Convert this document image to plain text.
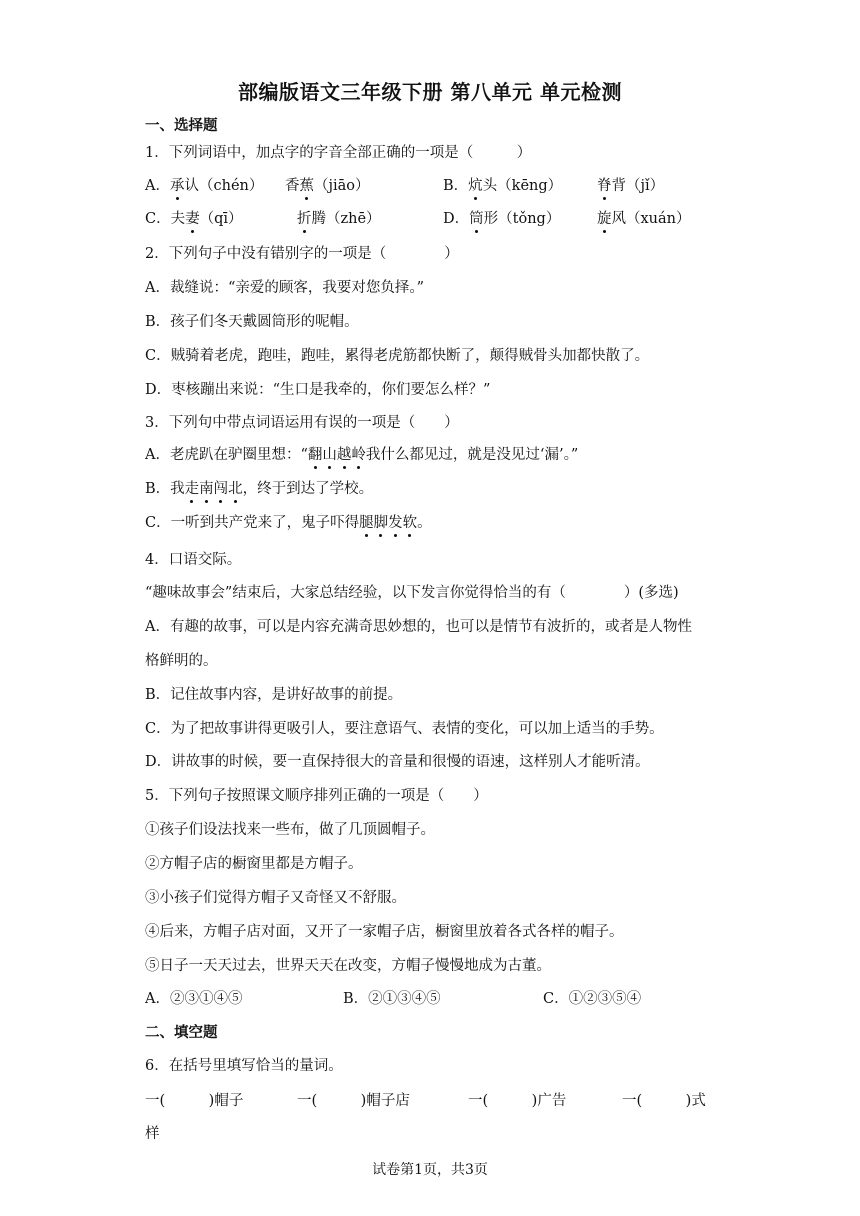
部编版语文三年级下册 第八单元 单元检测
一、选择题
1．下列词语中，加点字的字音全部正确的一项是（　　　）
A．承认（chén） 香蕉（jiāo）	B．炕头（kēng） 脊背（jǐ）
C．夫妻（qī）	折腾（zhē）	D．筒形（tǒng）	旋风（xuán）
2．下列句子中没有错别字的一项是（　　　　）
A．裁缝说：“亲爱的顾客，我要对您负择。”
B．孩子们冬天戴圆筒形的呢帽。
C．贼骑着老虎，跑哇，跑哇，累得老虎筋都快断了，颠得贼骨头加都快散了。
D．枣核蹦出来说：“生口是我牵的，你们要怎么样？”
3．下列句中带点词语运用有误的一项是（　　）
A．老虎趴在驴圈里想：“翻山越岭我什么都见过，就是没见过‘漏’。”
B．我走南闯北，终于到达了学校。
C．一听到共产党来了，鬼子吓得腿脚发软。
4．口语交际。
“趣味故事会”结束后，大家总结经验，以下发言你觉得恰当的有（　　　　）(多选)
A．有趣的故事，可以是内容充满奇思妙想的，也可以是情节有波折的，或者是人物性
格鲜明的。
B．记住故事内容，是讲好故事的前提。
C．为了把故事讲得更吸引人，要注意语气、表情的变化，可以加上适当的手势。
D．讲故事的时候，要一直保持很大的音量和很慢的语速，这样别人才能听清。
5．下列句子按照课文顺序排列正确的一项是（　　）
①孩子们设法找来一些布，做了几顶圆帽子。
②方帽子店的橱窗里都是方帽子。
③小孩子们觉得方帽子又奇怪又不舒服。
④后来，方帽子店对面，又开了一家帽子店，橱窗里放着各式各样的帽子。
⑤日子一天天过去，世界天天在改变，方帽子慢慢地成为古董。
A．②③①④⑤	B．②①③④⑤	C．①②③⑤④
二、填空题
6．在括号里填写恰当的量词。
一(　　　)帽子	一(　　　)帽子店	一(　　　)广告	一(　　　)式
样
试卷第1页，共3页
